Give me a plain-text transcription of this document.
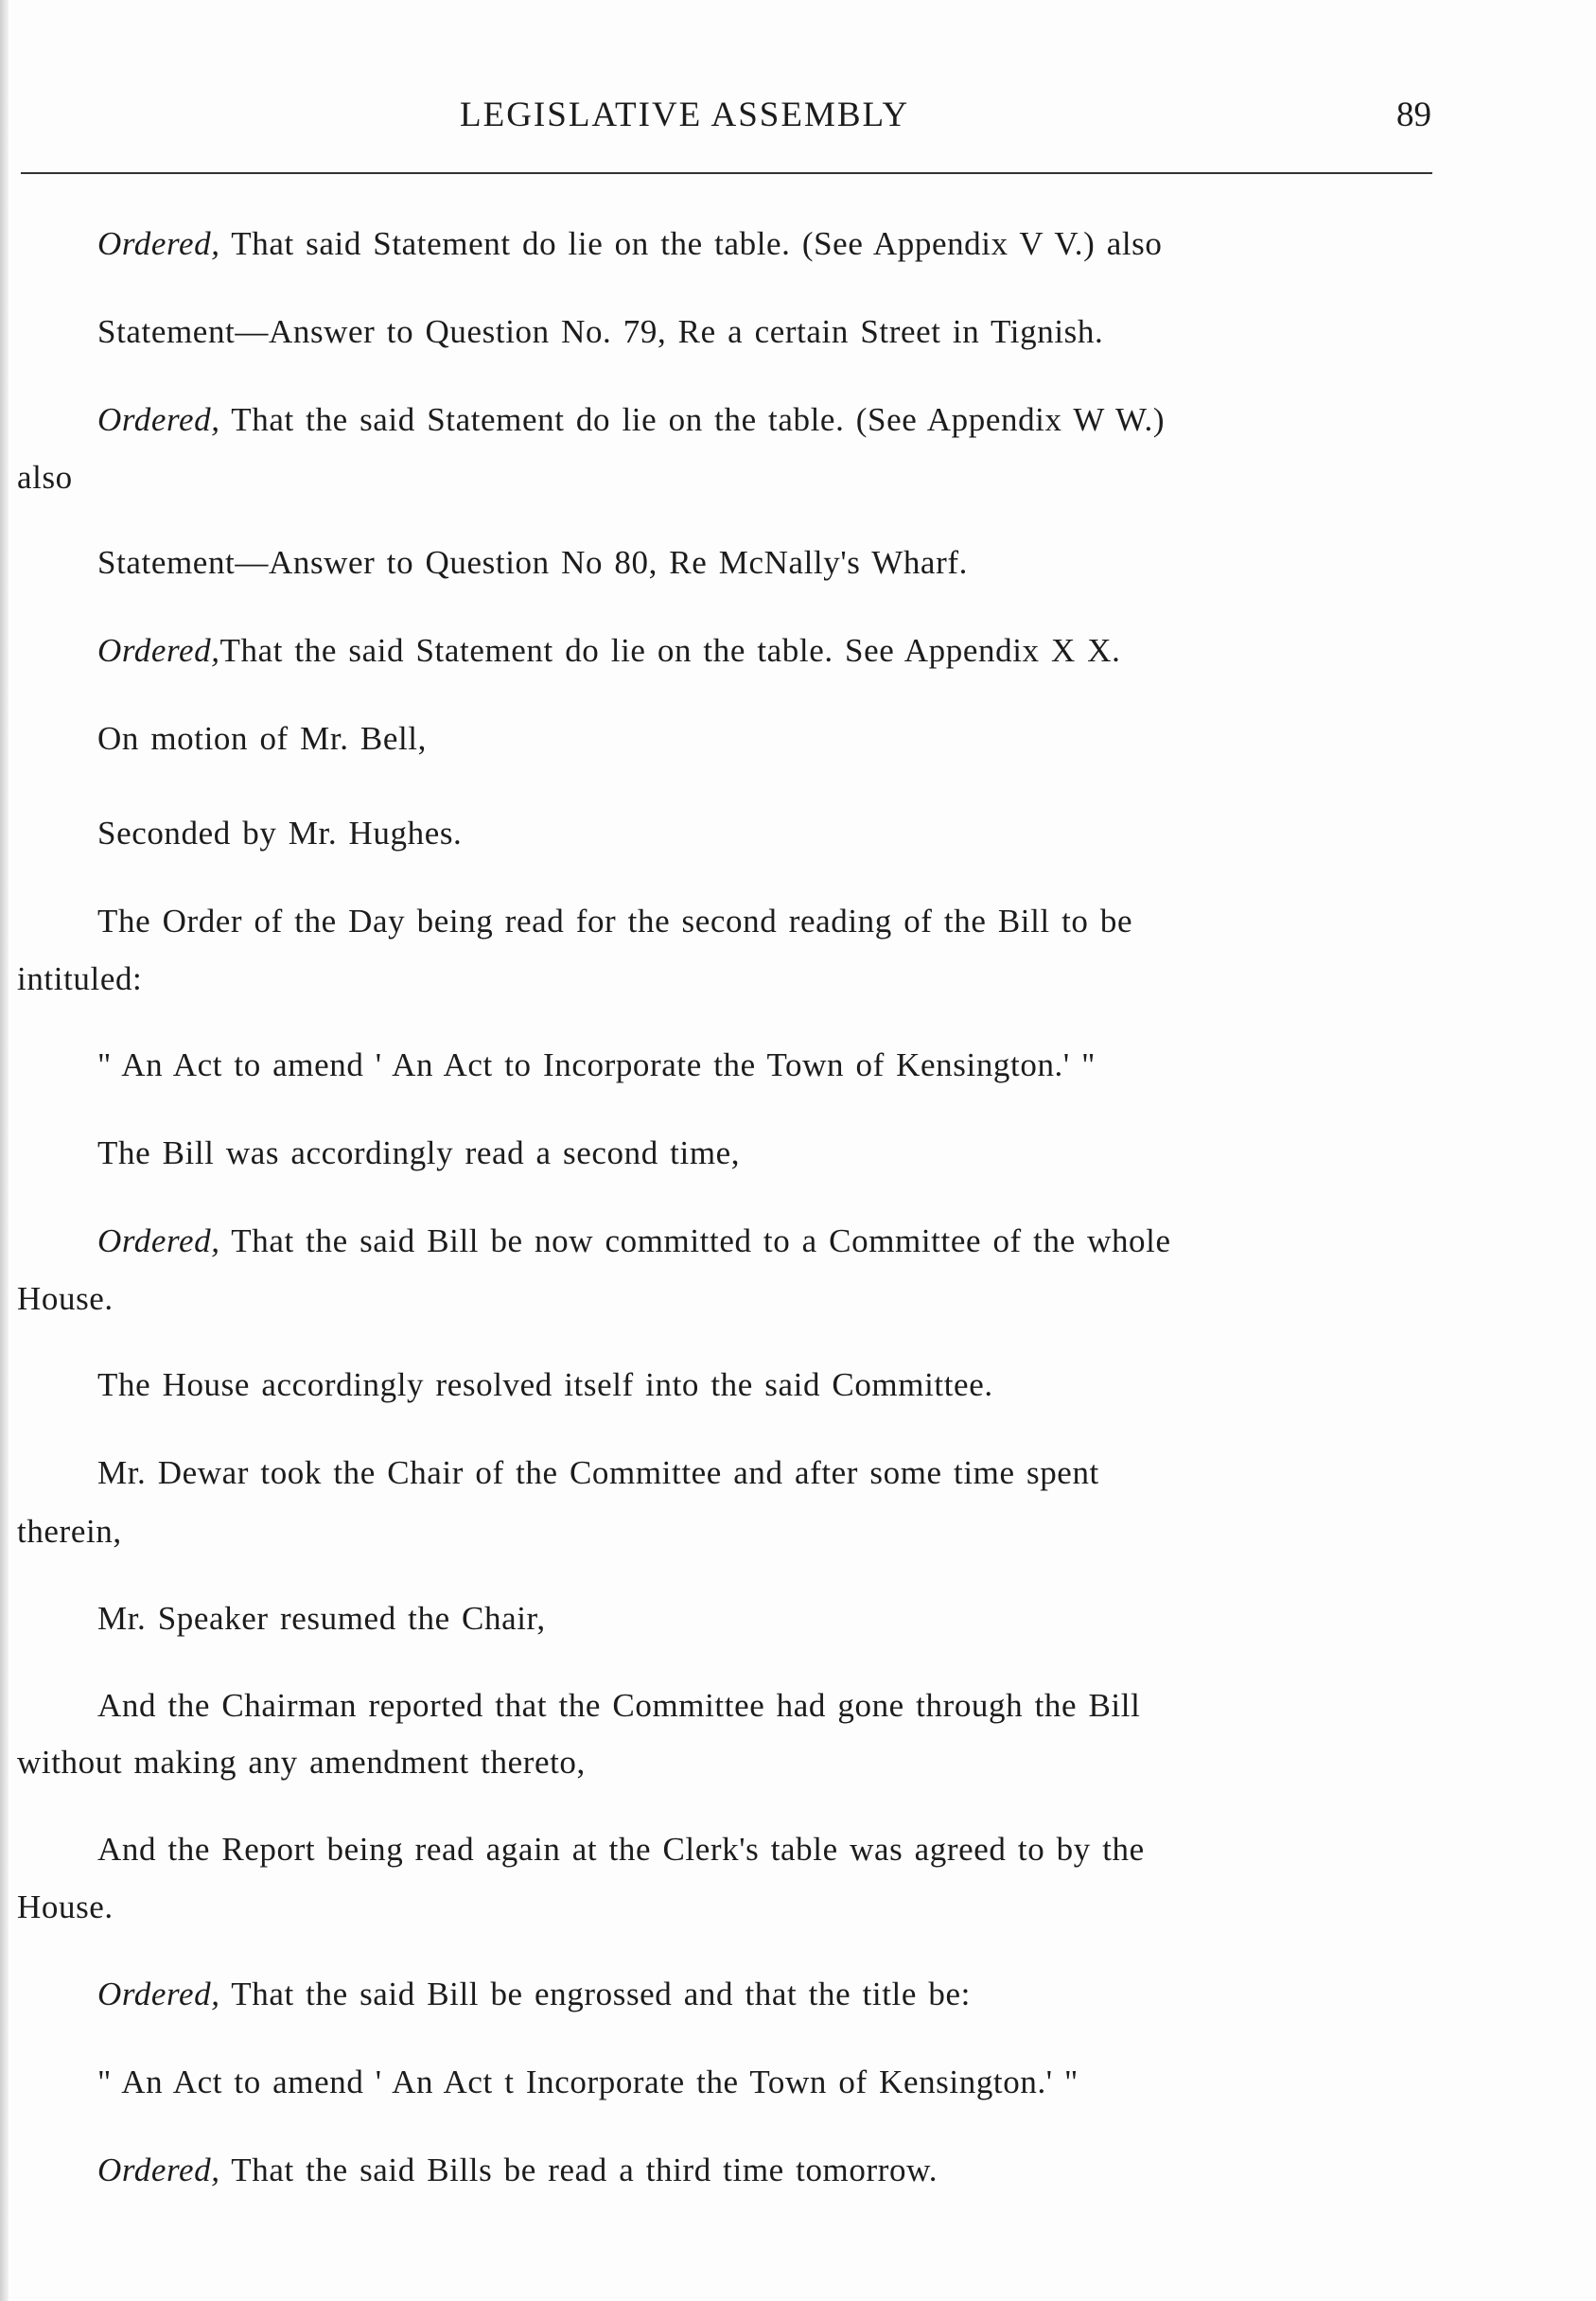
LEGISLATIVE ASSEMBLY	89
Ordered, That said Statement do lie on the table. (See Appendix V V.) also
Statement—Answer to Question No. 79, Re a certain Street in Tignish.
Ordered, That the said Statement do lie on the table. (See Appendix W W.)
also
Statement—Answer to Question No 80, Re McNally's Wharf.
Ordered,That the said Statement do lie on the table. See Appendix X X.
On motion of Mr. Bell,
Seconded by Mr. Hughes.
The Order of the Day being read for the second reading of the Bill to be
intituled:
" An Act to amend ' An Act to Incorporate the Town of Kensington.' "
The Bill was accordingly read a second time,
Ordered, That the said Bill be now committed to a Committee of the whole
House.
The House accordingly resolved itself into the said Committee.
Mr. Dewar took the Chair of the Committee and after some time spent
therein,
Mr. Speaker resumed the Chair,
And the Chairman reported that the Committee had gone through the Bill
without making any amendment thereto,
And the Report being read again at the Clerk's table was agreed to by the
House.
Ordered, That the said Bill be engrossed and that the title be:
" An Act to amend ' An Act t Incorporate the Town of Kensington.' "
Ordered, That the said Bills be read a third time tomorrow.
